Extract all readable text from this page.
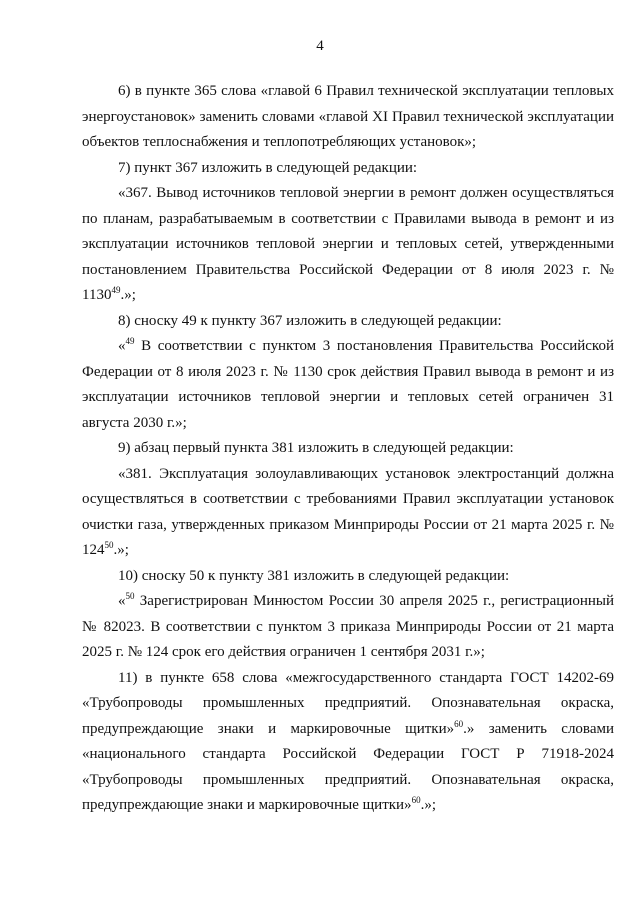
4

6) в пункте 365 слова «главой 6 Правил технической эксплуатации тепловых энергоустановок» заменить словами «главой XI Правил технической эксплуатации объектов теплоснабжения и теплопотребляющих установок»;

7) пункт 367 изложить в следующей редакции:

«367. Вывод источников тепловой энергии в ремонт должен осуществляться по планам, разрабатываемым в соответствии с Правилами вывода в ремонт и из эксплуатации источников тепловой энергии и тепловых сетей, утвержденными постановлением Правительства Российской Федерации от 8 июля 2023 г. № 1130$^{49}$.»;

8) сноску 49 к пункту 367 изложить в следующей редакции:

«$^{49}$ В соответствии с пунктом 3 постановления Правительства Российской Федерации от 8 июля 2023 г. № 1130 срок действия Правил вывода в ремонт и из эксплуатации источников тепловой энергии и тепловых сетей ограничен 31 августа 2030 г.»;

9) абзац первый пункта 381 изложить в следующей редакции:

«381. Эксплуатация золоулавливающих установок электростанций должна осуществляться в соответствии с требованиями Правил эксплуатации установок очистки газа, утвержденных приказом Минприроды России от 21 марта 2025 г. № $124^{50}$.»;

10) сноску 50 к пункту 381 изложить в следующей редакции:

«$^{50}$ Зарегистрирован Минюстом России 30 апреля 2025 г., регистрационный № 82023. В соответствии с пунктом 3 приказа Минприроды России от 21 марта 2025 г. № 124 срок его действия ограничен 1 сентября 2031 г.»;

11) в пункте 658 слова «межгосударственного стандарта ГОСТ 14202-69 «Трубопроводы промышленных предприятий. Опознавательная окраска, предупреждающие знаки и маркировочные щитки»$^{60}$.» заменить словами «национального стандарта Российской Федерации ГОСТ Р 71918-2024 «Трубопроводы промышленных предприятий. Опознавательная окраска, предупреждающие знаки и маркировочные щитки»$^{60}$.»;
